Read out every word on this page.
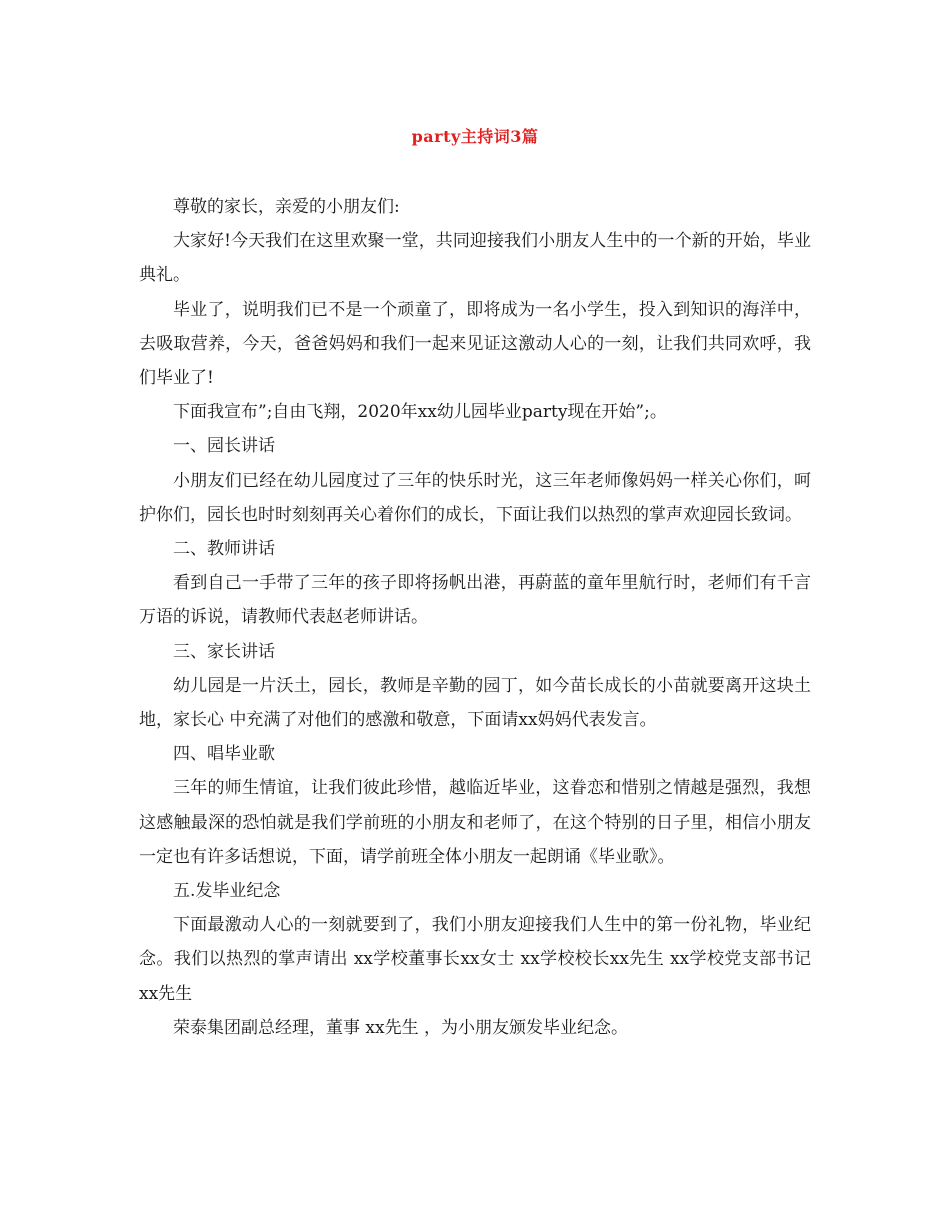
party主持词3篇

尊敬的家长，亲爱的小朋友们:

大家好!今天我们在这里欢聚一堂，共同迎接我们小朋友人生中的一个新的开始，毕业典礼。

毕业了，说明我们已不是一个顽童了，即将成为一名小学生，投入到知识的海洋中，去吸取营养，今天，爸爸妈妈和我们一起来见证这激动人心的一刻，让我们共同欢呼，我们毕业了!

下面我宣布”;自由飞翔，2020年xx幼儿园毕业party现在开始”;。

一、园长讲话

小朋友们已经在幼儿园度过了三年的快乐时光，这三年老师像妈妈一样关心你们，呵护你们，园长也时时刻刻再关心着你们的成长，下面让我们以热烈的掌声欢迎园长致词。

二、教师讲话

看到自己一手带了三年的孩子即将扬帆出港，再蔚蓝的童年里航行时，老师们有千言万语的诉说，请教师代表赵老师讲话。

三、家长讲话

幼儿园是一片沃土，园长，教师是辛勤的园丁，如今苗长成长的小苗就要离开这块土地，家长心 中充满了对他们的感激和敬意，下面请xx妈妈代表发言。

四、唱毕业歌

三年的师生情谊，让我们彼此珍惜，越临近毕业，这眷恋和惜别之情越是强烈，我想这感触最深的恐怕就是我们学前班的小朋友和老师了，在这个特别的日子里，相信小朋友一定也有许多话想说，下面，请学前班全体小朋友一起朗诵《毕业歌》。

五.发毕业纪念

下面最激动人心的一刻就要到了，我们小朋友迎接我们人生中的第一份礼物，毕业纪念。我们以热烈的掌声请出 xx学校董事长xx女士 xx学校校长xx先生 xx学校党支部书记 xx先生

荣泰集团副总经理，董事 xx先生 ，为小朋友颁发毕业纪念。
